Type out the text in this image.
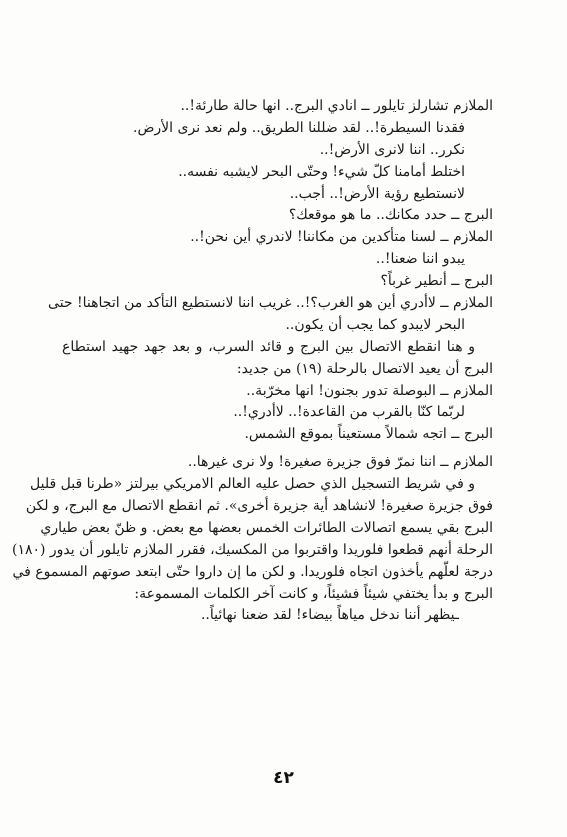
الملازم تشارلز تايلور ــ انادي البرج.. انها حالة طارئة!..
فقدنا السيطرة!.. لقد ضللنا الطريق.. ولم نعد نرى الأرض.
نكرر.. اننا لانرى الأرض!..
اختلط أمامنا كلّ شيء! وحتّى البحر لايشبه نفسه..
لانستطيع رؤية الأرض!.. أجب..
البرج ــ حدد مكانك.. ما هو موقعك؟
الملازم ــ لسنا متأكدين من مكاننا! لاندري أين نحن!..
يبدو اننا ضعنا!..
البرج ــ أنطير غرباً؟
الملازم ــ لاأدري أين هو الغرب؟!.. غريب اننا لانستطيع التأكد من اتجاهنا! حتى
البحر لايبدو كما يجب أن يكون..
و هنا انقطع الاتصال بين البرج و قائد السرب، و بعد جهد جهيد استطاع
البرج أن يعيد الاتصال بالرحلة (١٩) من جديد:
الملازم ــ البوصلة تدور بجنون! انها مخرّبة..
لربّما كنّا بالقرب من القاعدة!.. لاأدري!..
البرج ــ اتجه شمالاً مستعيناً بموقع الشمس.
الملازم ــ اننا نمرّ فوق جزيرة صغيرة! ولا نرى غيرها..
و في شريط التسجيل الذي حصل عليه العالم الامريكي بيرلتز «طرنا قبل قليل
فوق جزيرة صغيرة! لانشاهد أية جزيرة أخرى». ثم انقطع الاتصال مع البرج، و لكن
البرج بقي يسمع اتصالات الطائرات الخمس بعضها مع بعض. و ظنّ بعض طياري
الرحلة أنهم قطعوا فلوريدا واقتربوا من المكسيك، فقرر الملازم تايلور أن يدور (١٨٠)
درجة لعلّهم يأخذون اتجاه فلوريدا. و لكن ما إن داروا حتّى ابتعد صوتهم المسموع في
البرج و بدأ يختفي شيئاً فشيئاً، و كانت آخر الكلمات المسموعة:
ـيظهر أننا ندخل مياهاً بيضاء! لقد ضعنا نهائياً..
٤٢
